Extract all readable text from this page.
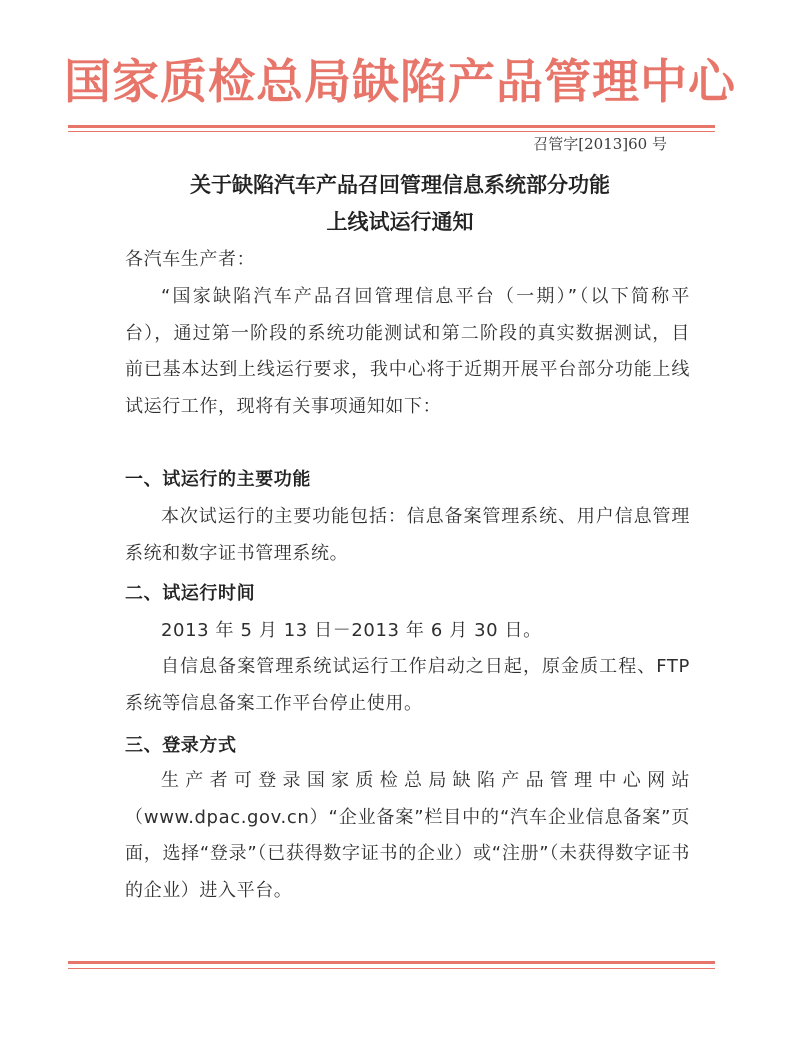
国家质检总局缺陷产品管理中心
召管字[2013]60 号
关于缺陷汽车产品召回管理信息系统部分功能
上线试运行通知
各汽车生产者：
“国家缺陷汽车产品召回管理信息平台（一期）”（以下简称平台），通过第一阶段的系统功能测试和第二阶段的真实数据测试，目前已基本达到上线运行要求，我中心将于近期开展平台部分功能上线试运行工作，现将有关事项通知如下：
一、试运行的主要功能
本次试运行的主要功能包括：信息备案管理系统、用户信息管理系统和数字证书管理系统。
二、试运行时间
2013 年 5 月 13 日－2013 年 6 月 30 日。
自信息备案管理系统试运行工作启动之日起，原金质工程、FTP 系统等信息备案工作平台停止使用。
三、登录方式
生产者可登录国家质检总局缺陷产品管理中心网站（www.dpac.gov.cn）“企业备案”栏目中的“汽车企业信息备案”页面，选择“登录”（已获得数字证书的企业）或“注册”（未获得数字证书的企业）进入平台。
